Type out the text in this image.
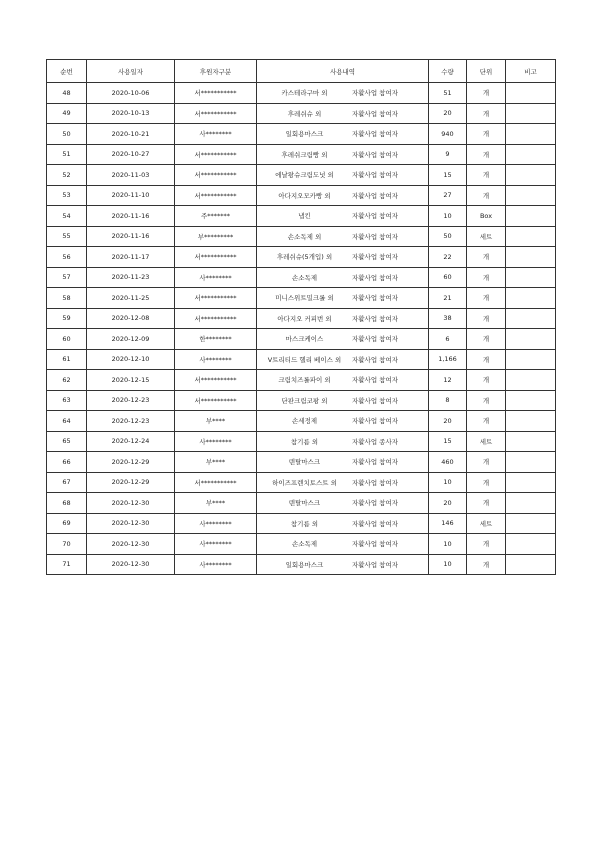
순번	사용일자	후원자구분	사용내역	수량	단위	비고
48	2020-10-06	서***********	카스테라구마 외 자활사업 참여자	51	개	
49	2020-10-13	서***********	후레쉬슈 외 자활사업 참여자	20	개	
50	2020-10-21	사********	일회용마스크 자활사업 참여자	940	개	
51	2020-10-27	서***********	후레쉬크림빵 외 자활사업 참여자	9	개	
52	2020-11-03	서***********	에날왕슈크림도넛 외 자활사업 참여자	15	개	
53	2020-11-10	서***********	아다지오모카빵 외 자활사업 참여자	27	개	
54	2020-11-16	주*******	냅킨 자활사업 참여자	10	Box	
55	2020-11-16	부*********	손소독제 외 자활사업 참여자	50	세트	
56	2020-11-17	서***********	후레쉬슈(5개입) 외 자활사업 참여자	22	개	
57	2020-11-23	사********	손소독제 자활사업 참여자	60	개	
58	2020-11-25	서***********	미니스위트밀크롤 외 자활사업 참여자	21	개	
59	2020-12-08	서***********	아다지오 커피번 외 자활사업 참여자	38	개	
60	2020-12-09	한********	마스크케이스 자활사업 참여자	6	개	
61	2020-12-10	사********	V트리티드 헬리 베이스 외 자활사업 참여자	1,166	개	
62	2020-12-15	서***********	크림치즈롤파이 외 자활사업 참여자	12	개	
63	2020-12-23	서***********	단판크림코팡 외 자활사업 참여자	8	개	
64	2020-12-23	부****	손세정제 자활사업 참여자	20	개	
65	2020-12-24	사********	참기름 외 자활사업 종사자	15	세트	
66	2020-12-29	부****	덴탈마스크 자활사업 참여자	460	개	
67	2020-12-29	서***********	하이즈프렌치토스트 외 자활사업 참여자	10	개	
68	2020-12-30	부****	덴탈마스크 자활사업 참여자	20	개	
69	2020-12-30	사********	참기름 외 자활사업 참여자	146	세트	
70	2020-12-30	사********	손소독제 자활사업 참여자	10	개	
71	2020-12-30	사********	일회용마스크 자활사업 참여자	10	개	
